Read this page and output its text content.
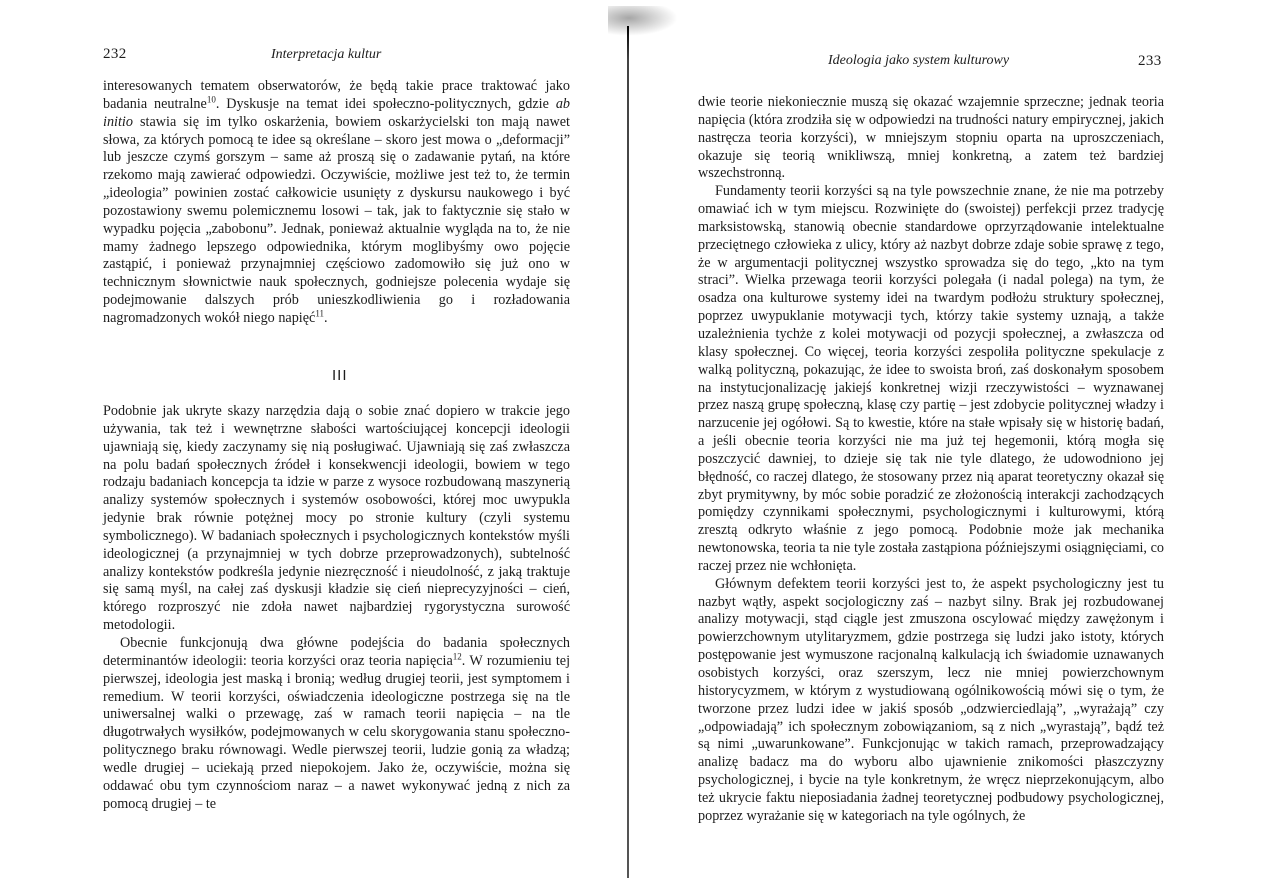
232	Interpretacja kultur

interesowanych tematem obserwatorów, że będą takie prace traktować jako badania neutralne$^{10}$. Dyskusje na temat idei społeczno-politycznych, gdzie ab initio stawia się im tylko oskarżenia, bowiem oskarżycielski ton mają nawet słowa, za których pomocą te idee są określane – skoro jest mowa o „deformacji” lub jeszcze czymś gorszym – same aż proszą się o zadawanie pytań, na które rzekomo mają zawierać odpowiedzi. Oczywiście, możliwe jest też to, że termin „ideologia” powinien zostać całkowicie usunięty z dyskursu naukowego i być pozostawiony swemu polemicznemu losowi – tak, jak to faktycznie się stało w wypadku pojęcia „zabobonu”. Jednak, ponieważ aktualnie wygląda na to, że nie mamy żadnego lepszego odpowiednika, którym moglibyśmy owo pojęcie zastąpić, i ponieważ przynajmniej częściowo zadomowiło się już ono w technicznym słownictwie nauk społecznych, godniejsze polecenia wydaje się podejmowanie dalszych prób unieszkodliwienia go i rozładowania nagromadzonych wokół niego napięć$^{11}$.

III

Podobnie jak ukryte skazy narzędzia dają o sobie znać dopiero w trakcie jego używania, tak też i wewnętrzne słabości wartościującej koncepcji ideologii ujawniają się, kiedy zaczynamy się nią posługiwać. Ujawniają się zaś zwłaszcza na polu badań społecznych źródeł i konsekwencji ideologii, bowiem w tego rodzaju badaniach koncepcja ta idzie w parze z wysoce rozbudowaną maszynerią analizy systemów społecznych i systemów osobowości, której moc uwypukla jedynie brak równie potężnej mocy po stronie kultury (czyli systemu symbolicznego). W badaniach społecznych i psychologicznych kontekstów myśli ideologicznej (a przynajmniej w tych dobrze przeprowadzonych), subtelność analizy kontekstów podkreśla jedynie niezręczność i nieudolność, z jaką traktuje się samą myśl, na całej zaś dyskusji kładzie się cień nieprecyzyjności – cień, którego rozproszyć nie zdoła nawet najbardziej rygorystyczna surowość metodologii.

Obecnie funkcjonują dwa główne podejścia do badania społecznych determinantów ideologii: teoria korzyści oraz teoria napięcia$^{12}$. W rozumieniu tej pierwszej, ideologia jest maską i bronią; według drugiej teorii, jest symptomem i remedium. W teorii korzyści, oświadczenia ideologiczne postrzega się na tle uniwersalnej walki o przewagę, zaś w ramach teorii napięcia – na tle długotrwałych wysiłków, podejmowanych w celu skorygowania stanu społeczno-politycznego braku równowagi. Wedle pierwszej teorii, ludzie gonią za władzą; wedle drugiej – uciekają przed niepokojem. Jako że, oczywiście, można się oddawać obu tym czynnościom naraz – a nawet wykonywać jedną z nich za pomocą drugiej – te

Ideologia jako system kulturowy	233

dwie teorie niekoniecznie muszą się okazać wzajemnie sprzeczne; jednak teoria napięcia (która zrodziła się w odpowiedzi na trudności natury empirycznej, jakich nastręcza teoria korzyści), w mniejszym stopniu oparta na uproszczeniach, okazuje się teorią wnikliwszą, mniej konkretną, a zatem też bardziej wszechstronną.

Fundamenty teorii korzyści są na tyle powszechnie znane, że nie ma potrzeby omawiać ich w tym miejscu. Rozwinięte do (swoistej) perfekcji przez tradycję marksistowską, stanowią obecnie standardowe oprzyrządowanie intelektualne przeciętnego człowieka z ulicy, który aż nazbyt dobrze zdaje sobie sprawę z tego, że w argumentacji politycznej wszystko sprowadza się do tego, „kto na tym straci”. Wielka przewaga teorii korzyści polegała (i nadal polega) na tym, że osadza ona kulturowe systemy idei na twardym podłożu struktury społecznej, poprzez uwypuklanie motywacji tych, którzy takie systemy uznają, a także uzależnienia tychże z kolei motywacji od pozycji społecznej, a zwłaszcza od klasy społecznej. Co więcej, teoria korzyści zespoliła polityczne spekulacje z walką polityczną, pokazując, że idee to swoista broń, zaś doskonałym sposobem na instytucjonalizację jakiejś konkretnej wizji rzeczywistości – wyznawanej przez naszą grupę społeczną, klasę czy partię – jest zdobycie politycznej władzy i narzucenie jej ogółowi. Są to kwestie, które na stałe wpisały się w historię badań, a jeśli obecnie teoria korzyści nie ma już tej hegemonii, którą mogła się poszczycić dawniej, to dzieje się tak nie tyle dlatego, że udowodniono jej błędność, co raczej dlatego, że stosowany przez nią aparat teoretyczny okazał się zbyt prymitywny, by móc sobie poradzić ze złożonością interakcji zachodzących pomiędzy czynnikami społecznymi, psychologicznymi i kulturowymi, którą zresztą odkryto właśnie z jego pomocą. Podobnie może jak mechanika newtonowska, teoria ta nie tyle została zastąpiona późniejszymi osiągnięciami, co raczej przez nie wchłonięta.

Głównym defektem teorii korzyści jest to, że aspekt psychologiczny jest tu nazbyt wątły, aspekt socjologiczny zaś – nazbyt silny. Brak jej rozbudowanej analizy motywacji, stąd ciągle jest zmuszona oscylować między zawężonym i powierzchownym utylitaryzmem, gdzie postrzega się ludzi jako istoty, których postępowanie jest wymuszone racjonalną kalkulacją ich świadomie uznawanych osobistych korzyści, oraz szerszym, lecz nie mniej powierzchownym historycyzmem, w którym z wystudiowaną ogólnikowością mówi się o tym, że tworzone przez ludzi idee w jakiś sposób „odzwierciedlają”, „wyrażają” czy „odpowiadają” ich społecznym zobowiązaniom, są z nich „wyrastają”, bądź też są nimi „uwarunkowane”. Funkcjonując w takich ramach, przeprowadzający analizę badacz ma do wyboru albo ujawnienie znikomości płaszczyzny psychologicznej, i bycie na tyle konkretnym, że wręcz nieprzekonującym, albo też ukrycie faktu nieposiadania żadnej teoretycznej podbudowy psychologicznej, poprzez wyrażanie się w kategoriach na tyle ogólnych, że
